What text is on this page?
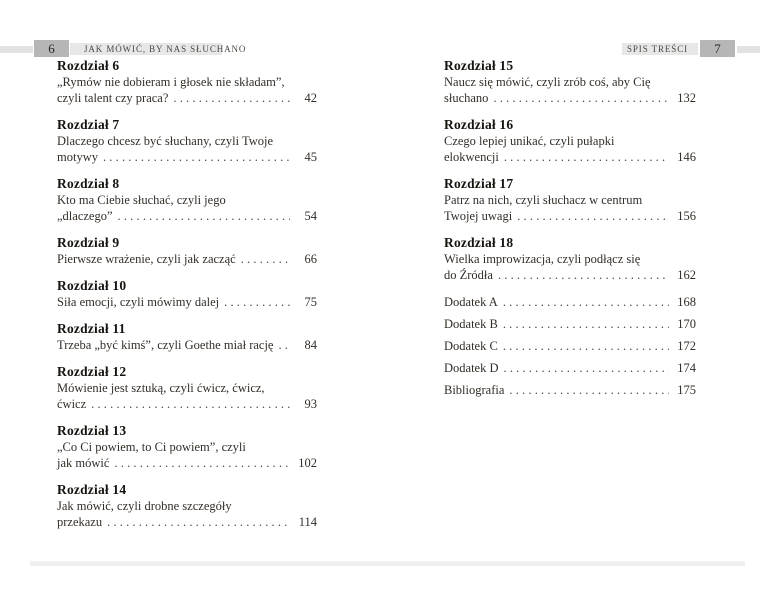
6	JAK MÓWIĆ, BY NAS SŁUCHANO	SPIS TREŚCI 7
Rozdział 6
„Rymów nie dobieram i głosek nie składam”,
czyli talent czy praca? .....	42
Rozdział 7
Dlaczego chcesz być słuchany, czyli Twoje
motywy .....	45
Rozdział 8
Kto ma Ciebie słuchać, czyli jego
„dlaczego” .....	54
Rozdział 9
Pierwsze wrażenie, czyli jak zacząć .....	66
Rozdział 10
Siła emocji, czyli mówimy dalej .....	75
Rozdział 11
Trzeba „być kimś”, czyli Goethe miał rację .....	84
Rozdział 12
Mówienie jest sztuką, czyli ćwicz, ćwicz,
ćwicz .....	93
Rozdział 13
„Co Ci powiem, to Ci powiem”, czyli
jak mówić .....	102
Rozdział 14
Jak mówić, czyli drobne szczegóły
przekazu .....	114
Rozdział 15
Naucz się mówić, czyli zrób coś, aby Cię
słuchano .....	132
Rozdział 16
Czego lepiej unikać, czyli pułapki
elokwencji .....	146
Rozdział 17
Patrz na nich, czyli słuchacz w centrum
Twojej uwagi .....	156
Rozdział 18
Wielka improwizacja, czyli podłącz się
do Źródła .....	162
Dodatek A .....	168
Dodatek B .....	170
Dodatek C .....	172
Dodatek D .....	174
Bibliografia .....	175
